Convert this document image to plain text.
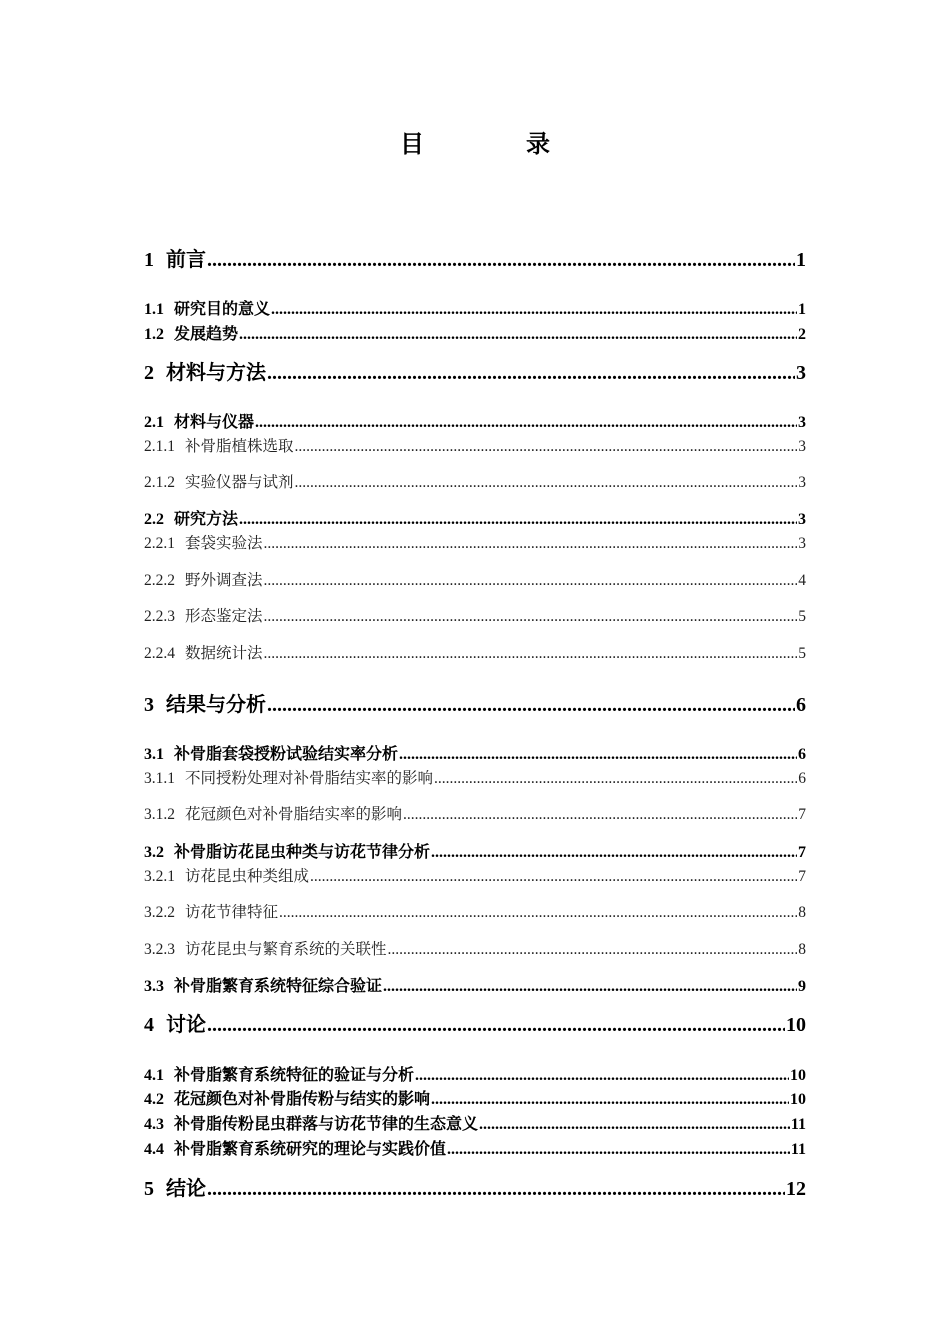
目 录
1 前言 .....	1
1.1 研究目的意义 .....	1
1.2 发展趋势 .....	2
2 材料与方法 .....	3
2.1 材料与仪器 .....	3
2.1.1 补骨脂植株选取 .....	3
2.1.2 实验仪器与试剂 .....	3
2.2 研究方法 .....	3
2.2.1 套袋实验法 .....	3
2.2.2 野外调查法 .....	4
2.2.3 形态鉴定法 .....	5
2.2.4 数据统计法 .....	5
3 结果与分析 .....	6
3.1 补骨脂套袋授粉试验结实率分析 .....	6
3.1.1 不同授粉处理对补骨脂结实率的影响 .....	6
3.1.2 花冠颜色对补骨脂结实率的影响 .....	7
3.2 补骨脂访花昆虫种类与访花节律分析 .....	7
3.2.1 访花昆虫种类组成 .....	7
3.2.2 访花节律特征 .....	8
3.2.3 访花昆虫与繁育系统的关联性 .....	8
3.3 补骨脂繁育系统特征综合验证 .....	9
4 讨论 .....	10
4.1 补骨脂繁育系统特征的验证与分析 .....	10
4.2 花冠颜色对补骨脂传粉与结实的影响 .....	10
4.3 补骨脂传粉昆虫群落与访花节律的生态意义 .....	11
4.4 补骨脂繁育系统研究的理论与实践价值 .....	11
5 结论 .....	12
